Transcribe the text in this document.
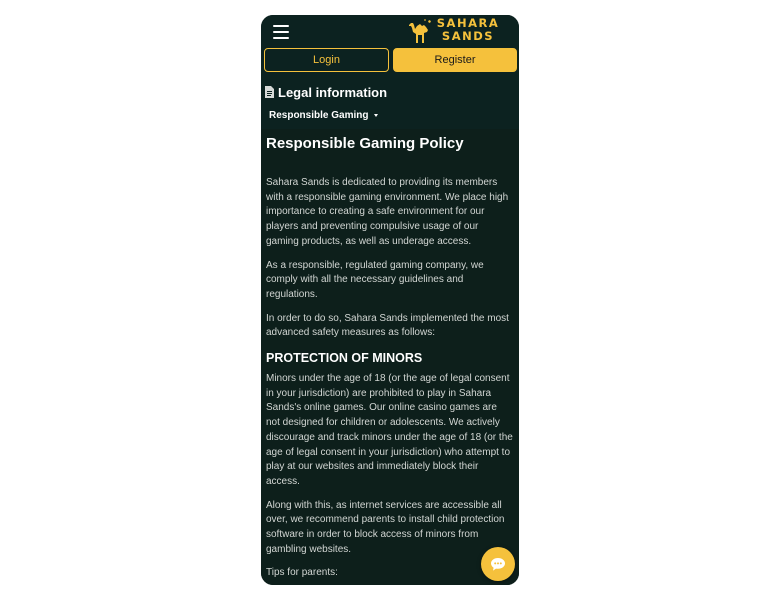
SAHARA
SANDS
Login	Register
Legal information
Responsible Gaming
Responsible Gaming Policy

Sahara Sands is dedicated to providing its members with a responsible gaming environment. We place high importance to creating a safe environment for our players and preventing compulsive usage of our gaming products, as well as underage access.

As a responsible, regulated gaming company, we comply with all the necessary guidelines and regulations.

In order to do so, Sahara Sands implemented the most advanced safety measures as follows:

PROTECTION OF MINORS

Minors under the age of 18 (or the age of legal consent in your jurisdiction) are prohibited to play in Sahara Sands's online games. Our online casino games are not designed for children or adolescents. We actively discourage and track minors under the age of 18 (or the age of legal consent in your jurisdiction) who attempt to play at our websites and immediately block their access.

Along with this, as internet services are accessible all over, we recommend parents to install child protection software in order to block access of minors from gambling websites.

Tips for parents:
